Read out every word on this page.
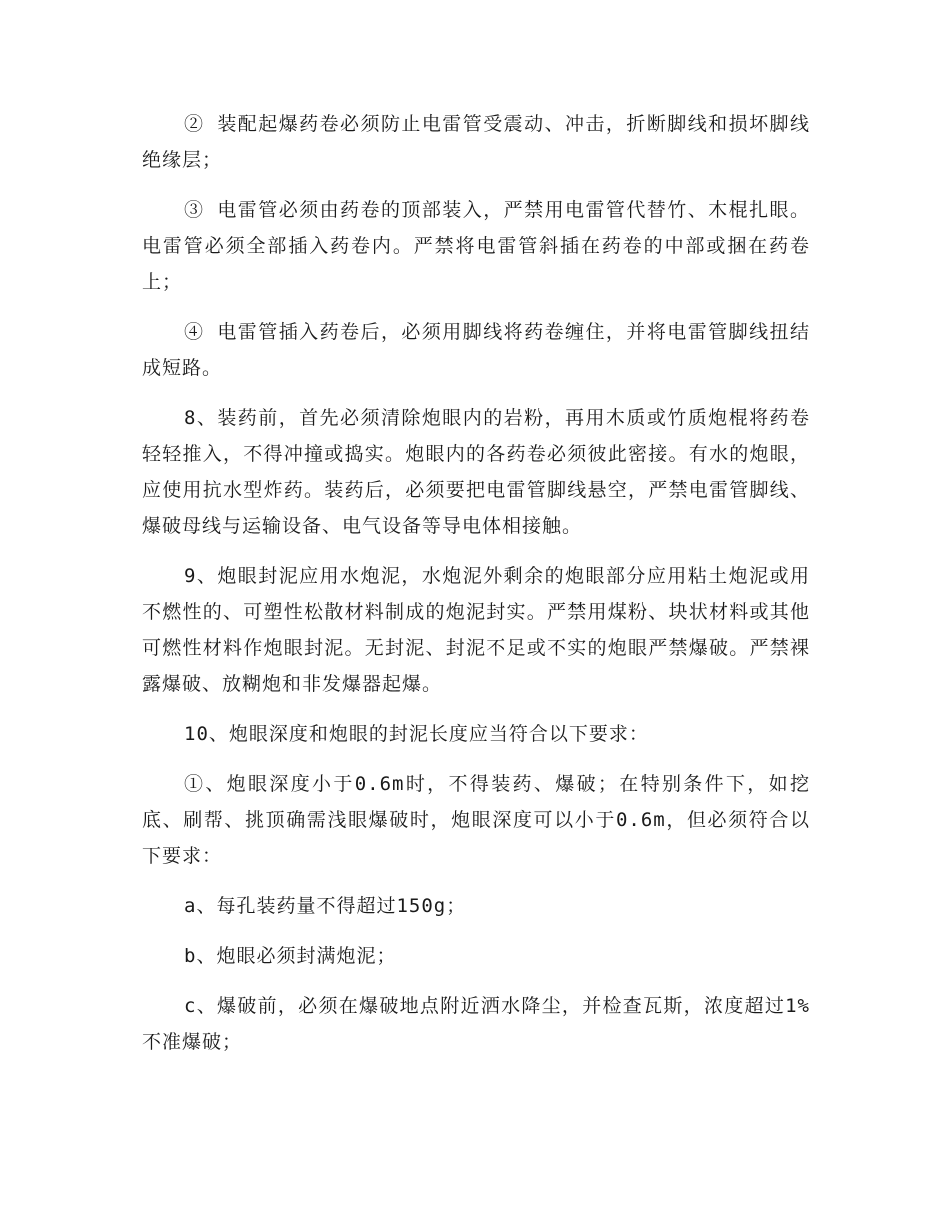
② 装配起爆药卷必须防止电雷管受震动、冲击，折断脚线和损坏脚线绝缘层；

③ 电雷管必须由药卷的顶部装入，严禁用电雷管代替竹、木棍扎眼。电雷管必须全部插入药卷内。严禁将电雷管斜插在药卷的中部或捆在药卷上；

④ 电雷管插入药卷后，必须用脚线将药卷缠住，并将电雷管脚线扭结成短路。

8、装药前，首先必须清除炮眼内的岩粉，再用木质或竹质炮棍将药卷轻轻推入，不得冲撞或捣实。炮眼内的各药卷必须彼此密接。有水的炮眼，应使用抗水型炸药。装药后，必须要把电雷管脚线悬空，严禁电雷管脚线、爆破母线与运输设备、电气设备等导电体相接触。

9、炮眼封泥应用水炮泥，水炮泥外剩余的炮眼部分应用粘土炮泥或用不燃性的、可塑性松散材料制成的炮泥封实。严禁用煤粉、块状材料或其他可燃性材料作炮眼封泥。无封泥、封泥不足或不实的炮眼严禁爆破。严禁裸露爆破、放糊炮和非发爆器起爆。

10、炮眼深度和炮眼的封泥长度应当符合以下要求：

①、炮眼深度小于0.6m时，不得装药、爆破；在特别条件下，如挖底、刷帮、挑顶确需浅眼爆破时，炮眼深度可以小于0.6m，但必须符合以下要求：

a、每孔装药量不得超过150g；

b、炮眼必须封满炮泥；

c、爆破前，必须在爆破地点附近洒水降尘，并检查瓦斯，浓度超过1%不准爆破；
